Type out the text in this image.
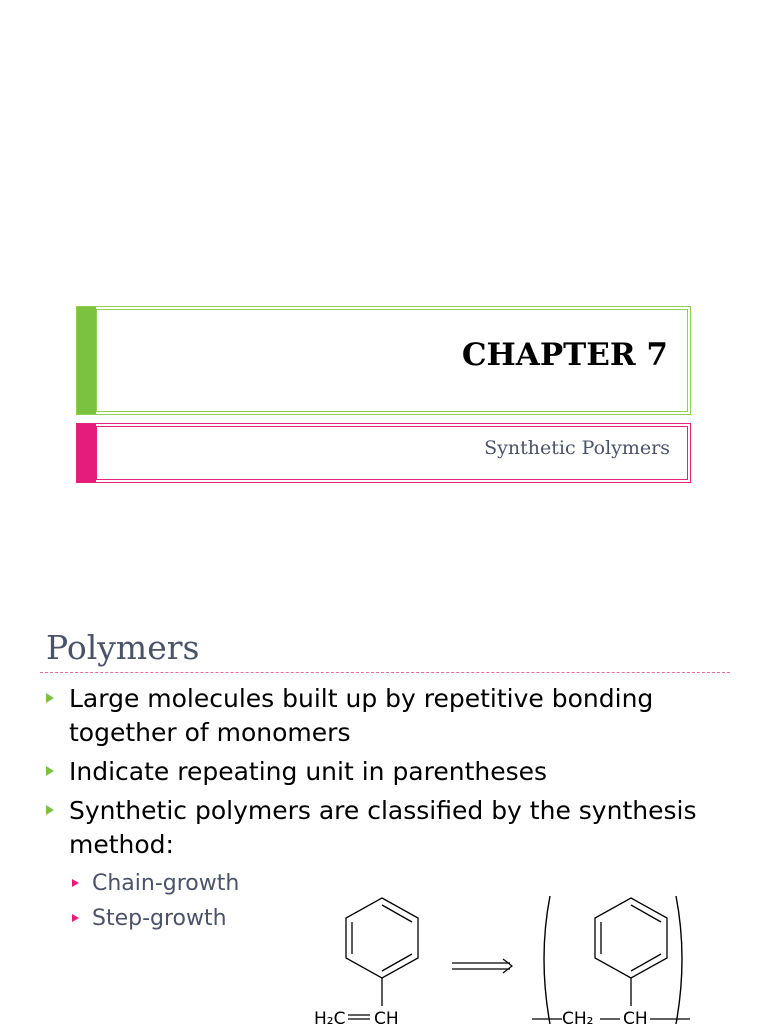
CHAPTER 7
Synthetic Polymers
Polymers
Large molecules built up by repetitive bonding together of monomers
Indicate repeating unit in parentheses
Synthetic polymers are classified by the synthesis method:
Chain-growth
Step-growth
H₂C CH	CH₂ CH
